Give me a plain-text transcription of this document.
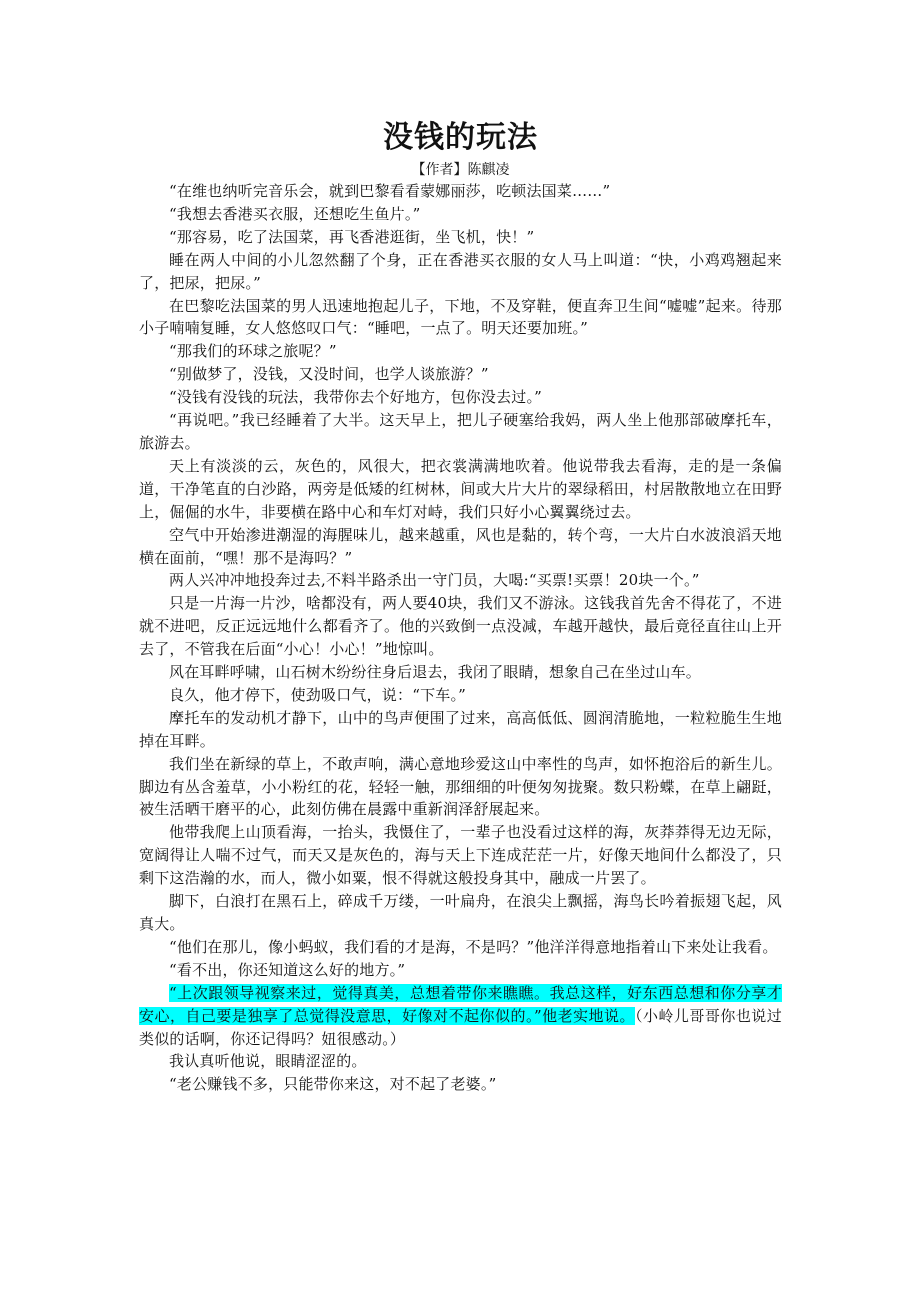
没钱的玩法
【作者】陈麒凌

“在维也纳听完音乐会，就到巴黎看看蒙娜丽莎，吃顿法国菜……”

“我想去香港买衣服，还想吃生鱼片。”

“那容易，吃了法国菜，再飞香港逛街，坐飞机，快！”

睡在两人中间的小儿忽然翻了个身，正在香港买衣服的女人马上叫道：“快，小鸡鸡翘起来了，把尿，把尿。”

在巴黎吃法国菜的男人迅速地抱起儿子，下地，不及穿鞋，便直奔卫生间“嘘嘘”起来。待那小子喃喃复睡，女人悠悠叹口气：“睡吧，一点了。明天还要加班。”

“那我们的环球之旅呢？”

“别做梦了，没钱，又没时间，也学人谈旅游？”

“没钱有没钱的玩法，我带你去个好地方，包你没去过。”

“再说吧。”我已经睡着了大半。这天早上，把儿子硬塞给我妈，两人坐上他那部破摩托车，旅游去。

天上有淡淡的云，灰色的，风很大，把衣裳满满地吹着。他说带我去看海，走的是一条偏道，干净笔直的白沙路，两旁是低矮的红树林，间或大片大片的翠绿稻田，村居散散地立在田野上，倔倔的水牛，非要横在路中心和车灯对峙，我们只好小心翼翼绕过去。

空气中开始渗进潮湿的海腥味儿，越来越重，风也是黏的，转个弯，一大片白水波浪滔天地横在面前，“嘿！那不是海吗？”

两人兴冲冲地投奔过去,不料半路杀出一守门员，大喝:“买票!买票！20块一个。”

只是一片海一片沙，啥都没有，两人要40块，我们又不游泳。这钱我首先舍不得花了，不进就不进吧，反正远远地什么都看齐了。他的兴致倒一点没减，车越开越快，最后竟径直往山上开去了，不管我在后面“小心！小心！”地惊叫。

风在耳畔呼啸，山石树木纷纷往身后退去，我闭了眼睛，想象自己在坐过山车。

良久，他才停下，使劲吸口气，说：“下车。”

摩托车的发动机才静下，山中的鸟声便围了过来，高高低低、圆润清脆地，一粒粒脆生生地掉在耳畔。

我们坐在新绿的草上，不敢声响，满心意地珍爱这山中率性的鸟声，如怀抱浴后的新生儿。脚边有丛含羞草，小小粉红的花，轻轻一触，那细细的叶便匆匆拢聚。数只粉蝶，在草上翩跹，被生活晒干磨平的心，此刻仿佛在晨露中重新润泽舒展起来。

他带我爬上山顶看海，一抬头，我慑住了，一辈子也没看过这样的海，灰莽莽得无边无际，宽阔得让人喘不过气，而天又是灰色的，海与天上下连成茫茫一片，好像天地间什么都没了，只剩下这浩瀚的水，而人，微小如粟，恨不得就这般投身其中，融成一片罢了。

脚下，白浪打在黑石上，碎成千万缕，一叶扁舟，在浪尖上飘摇，海鸟长吟着振翅飞起，风真大。

“他们在那儿，像小蚂蚁，我们看的才是海，不是吗？”他洋洋得意地指着山下来处让我看。

“看不出，你还知道这么好的地方。”

“上次跟领导视察来过，觉得真美，总想着带你来瞧瞧。我总这样，好东西总想和你分享才安心，自己要是独享了总觉得没意思，好像对不起你似的。”他老实地说。（小岭儿哥哥你也说过类似的话啊，你还记得吗？妞很感动。）

我认真听他说，眼睛涩涩的。

“老公赚钱不多，只能带你来这，对不起了老婆。”
